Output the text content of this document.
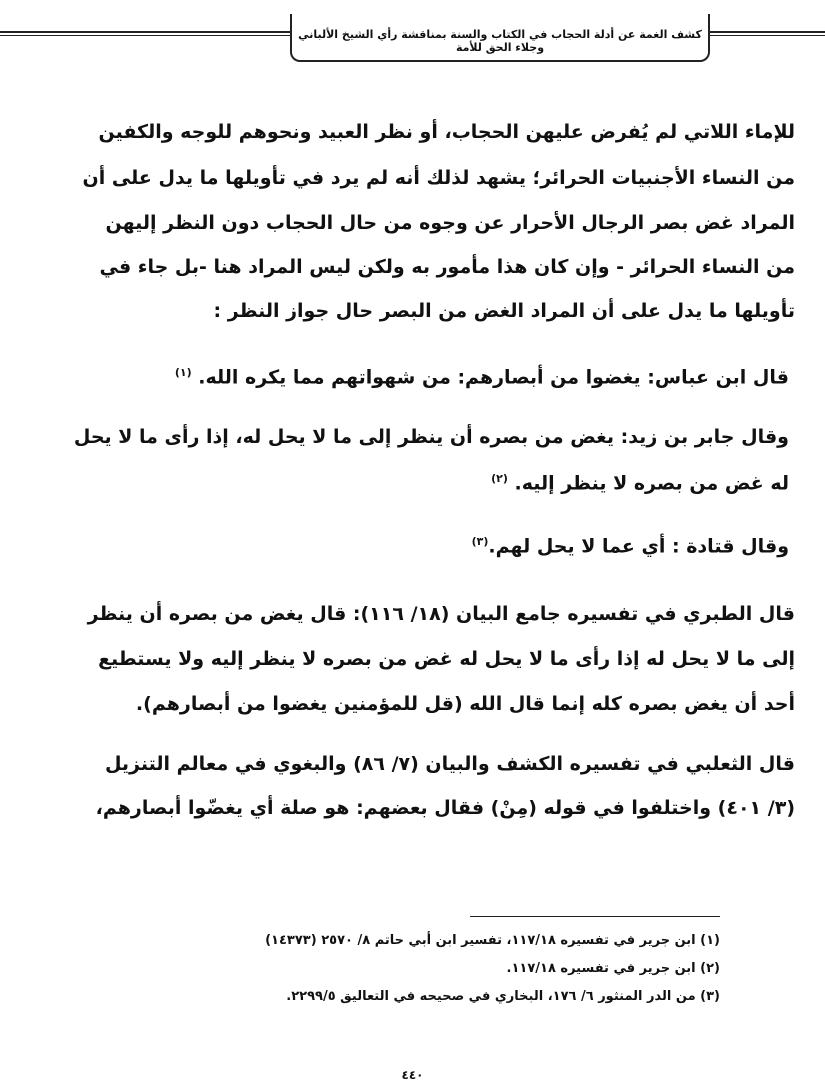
كشف الغمة عن أدلة الحجاب في الكتاب والسنة بمناقشة رأي الشيخ الألباني وجلاء الحق للأمة
للإماء اللاتي لم يُفرض عليهن الحجاب، أو نظر العبيد ونحوهم للوجه والكفين
من النساء الأجنبيات الحرائر؛ يشهد لذلك أنه لم يرد في تأويلها ما يدل على أن
المراد غض بصر الرجال الأحرار عن وجوه من حال الحجاب دون النظر إليهن
من النساء الحرائر - وإن كان هذا مأمور به ولكن ليس المراد هنا -بل جاء في
تأويلها ما يدل على أن المراد الغض من البصر حال جواز النظر :
قال ابن عباس: يغضوا من أبصارهم: من شهواتهم مما يكره الله. $^{(١)}$
وقال جابر بن زيد: يغض من بصره أن ينظر إلى ما لا يحل له، إذا رأى ما لا يحل
له غض من بصره لا ينظر إليه. $^{(٢)}$
وقال قتادة : أي عما لا يحل لهم.$^{(٣)}$
قال الطبري في تفسيره جامع البيان (١٨/ ١١٦): قال يغض من بصره أن ينظر
إلى ما لا يحل له إذا رأى ما لا يحل له غض من بصره لا ينظر إليه ولا يستطيع
أحد أن يغض بصره كله إنما قال الله (قل للمؤمنين يغضوا من أبصارهم).
قال الثعلبي في تفسيره الكشف والبيان (٧/ ٨٦) والبغوي في معالم التنزيل
(٣/ ٤٠١) واختلفوا في قوله (مِنْ) فقال بعضهم: هو صلة أي يغضّوا أبصارهم،
(١) ابن جرير في تفسيره ١١٧/١٨، تفسير ابن أبي حاتم ٨/ ٢٥٧٠ (١٤٣٧٣)
(٢) ابن جرير في تفسيره ١١٧/١٨.
(٣) من الدر المنثور ٦/ ١٧٦، البخاري في صحيحه في التعاليق ٢٢٩٩/٥.
٤٤٠
